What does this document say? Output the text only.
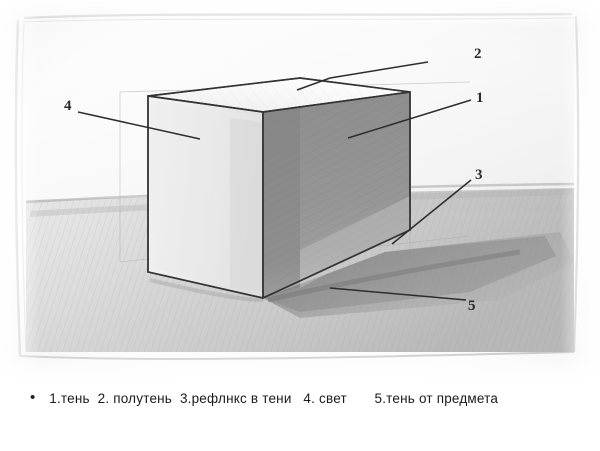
2
1
3
4
5
• 1.тень  2. полутень  3.рефлнкс в тени   4. свет       5.тень от предмета
